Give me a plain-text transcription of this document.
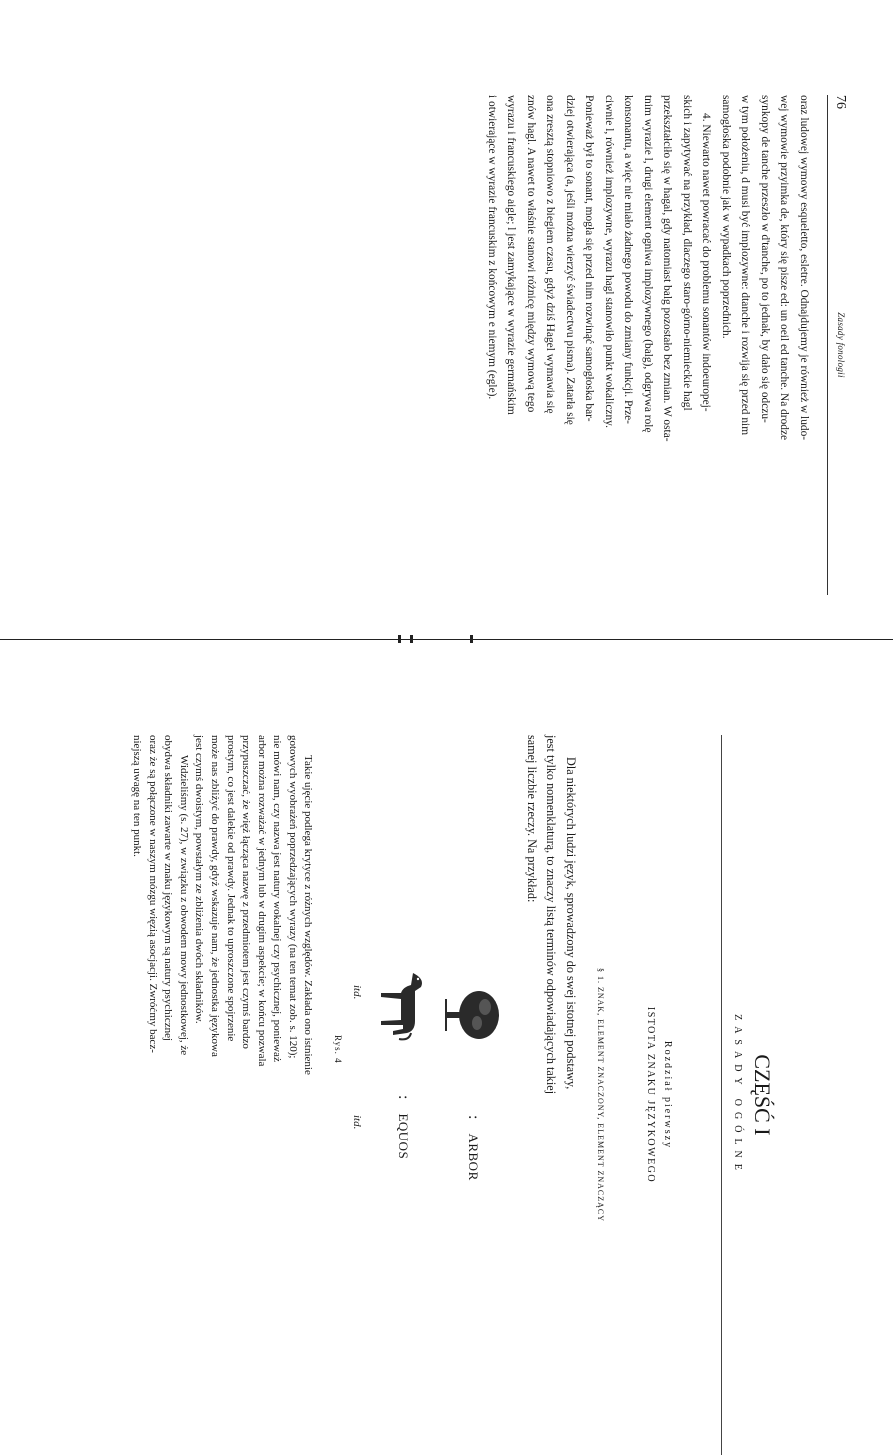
76
Zasady fonologii

oraz ludowej wymowy esqueletto, esletre. Odnajdujemy je również w ludo-

wej wymowie przyimka de, który się pisze ed: un oeil ed tanche. Na drodze

synkopy de tanche przeszło w d'tanche, po to jednak, by dało się odczu-

w tym położeniu, d musi być implozywne: dtanche i rozwija się przed nim

samogłoska podobnie jak w wypadkach poprzednich.

4. Niewarto nawet powracać do problemu sonantów indoeuropej-

skich i zapytywać na przykład, dlaczego staro-górno-niemieckie hagl

przekształciło się w hagal, gdy natomiast balg pozostało bez zmian. W osta-

tnim wyrazie l, drugi element ogniwa implozywnego (balg), odgrywa rolę

konsonantu, a więc nie miało żadnego powodu do zmiany funkcji. Prze-

ciwnie l, również implozywne, wyrazu hagl stanowiło punkt wokaliczny.

Ponieważ był to sonant, mogła się przed nim rozwinąć samogłoska bar-

dziej otwierająca (a, jeśli można wierzyć świadectwu pisma). Zatarła się

ona zresztą stopniowo z biegiem czasu, gdyż dziś Hagel wymawia się

znów hagl. A nawet to właśnie stanowi różnicę między wymową tego

wyrazu i francuskiego aigle; l jest zamykające w wyrazie germańskim

i otwierające w wyrazie francuskim z końcowym e niemym (egle).

CZĘŚĆ I
ZASADY OGÓLNE
Rozdział pierwszy
ISTOTA ZNAKU JĘZYKOWEGO
§ 1. ZNAK, ELEMENT ZNACZONY, ELEMENT ZNACZĄCY

Dla niektórych ludzi język, sprowadzony do swej istotnej podstawy,

jest tylko nomenklaturą, to znaczy listą terminów odpowiadających takiej

samej liczbie rzeczy. Na przykład:

:
ARBOR
:
EQUOS
itd.
itd.
Rys. 4

Takie ujęcie podlega krytyce z różnych względów. Zakłada ono istnienie

gotowych wyobrażeń poprzedzających wyrazy (na ten temat zob. s. 120);

nie mówi nam, czy nazwa jest natury wokalnej czy psychicznej, ponieważ

arbor można rozważać w jednym lub w drugim aspekcie; w końcu pozwala

przypuszczać, że więź łącząca nazwę z przedmiotem jest czymś bardzo

prostym, co jest dalekie od prawdy. Jednak to uproszczone spojrzenie

może nas zbliżyć do prawdy, gdyż wskazuje nam, że jednostka językowa

jest czymś dwoistym, powstałym ze zbliżenia dwóch składników.

Widzieliśmy (s. 27), w związku z obwodem mowy jednostkowej, że

obydwa składniki zawarte w znaku językowym są natury psychicznej

oraz że są połączone w naszym mózgu więzią asocjacji. Zwróćmy bacz-

niejszą uwagę na ten punkt.
